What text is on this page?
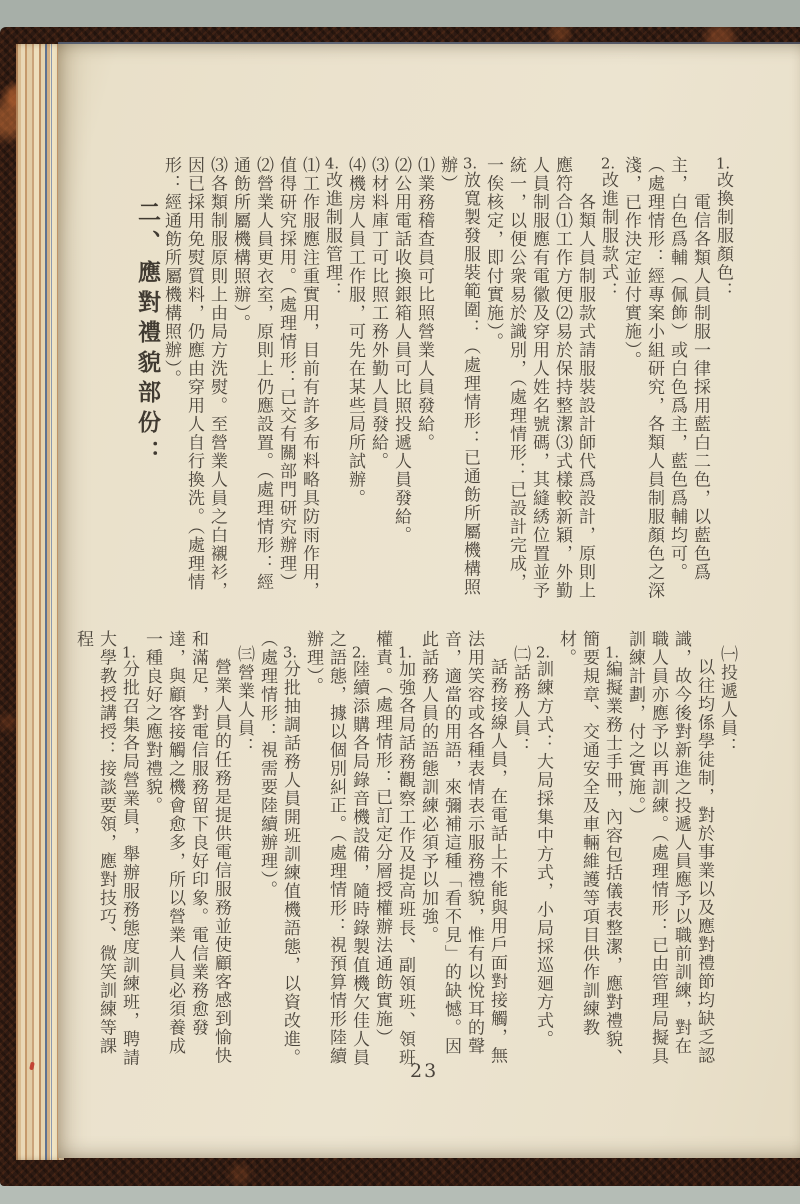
1.改換制服顏色：
電信各類人員制服一律採用藍白二色，以藍色爲主，白色爲輔（佩飾）或白色爲主，藍色爲輔均可。（處理情形：經專案小組研究，各類人員制服顏色之深淺，已作決定並付實施）。
2.改進制服款式：
各類人員制服款式請服裝設計師代爲設計，原則上應符合⑴工作方便⑵易於保持整潔⑶式樣較新穎，外勤人員制服應有電徽及穿用人姓名號碼，其縫綉位置並予統一，以便公衆易於識別，（處理情形：已設計完成，一俟核定，即付實施）。
3.放寬製發服裝範圍：（處理情形：已通飭所屬機構照辦）
⑴業務稽查員可比照營業人員發給。
⑵公用電話收換銀箱人員可比照投遞人員發給。
⑶材料庫丁可比照工務外勤人員發給。
⑷機房人員工作服，可先在某些局所試辦。
4.改進制服管理：
⑴工作服應注重實用，目前有許多布料略具防雨作用，值得研究採用。（處理情形：已交有關部門研究辦理）
⑵營業人員更衣室，原則上仍應設置。（處理情形：經通飭所屬機構照辦）。
⑶各類制服原則上由局方洗熨。至營業人員之白襯衫，因已採用免熨質料，仍應由穿用人自行換洗。（處理情形：經通飭所屬機構照辦）。
二、應對禮貌部份：
㈠投遞人員：
以往均係學徒制，對於事業以及應對禮節均缺乏認識，故今後對新進之投遞人員應予以職前訓練，對在職人員亦應予以再訓練。（處理情形：已由管理局擬具訓練計劃，付之實施。）
1.編擬業務士手冊，內容包括儀表整潔，應對禮貌、簡要規章、交通安全及車輛維護等項目供作訓練教材。
2.訓練方式：大局採集中方式，小局採巡廻方式。
㈡話務人員：
話務接線人員，在電話上不能與用戶面對接觸，無法用笑容或各種表情表示服務禮貌，惟有以悅耳的聲音，適當的用語，來彌補這種「看不見」的缺憾。因此話務人員的語態訓練必須予以加強。
1.加強各局話務觀察工作及提高班長、副領班、領班權責。（處理情形：已訂定分層授權辦法通飭實施）
2.陸續添購各局錄音機設備，隨時錄製值機欠佳人員之語態，據以個別糾正。（處理情形：視預算情形陸續辦理）。
3.分批抽調話務人員開班訓練值機語態，以資改進。（處理情形：視需要陸續辦理）。
㈢營業人員：
營業人員的任務是提供電信服務並使顧客感到愉快和滿足，對電信服務留下良好印象。電信業務愈發達，與顧客接觸之機會愈多，所以營業人員必須養成一種良好之應對禮貌。
1.分批召集各局營業員，舉辦服務態度訓練班，聘請大學教授講授：接談要領，應對技巧、微笑訓練等課程
23
